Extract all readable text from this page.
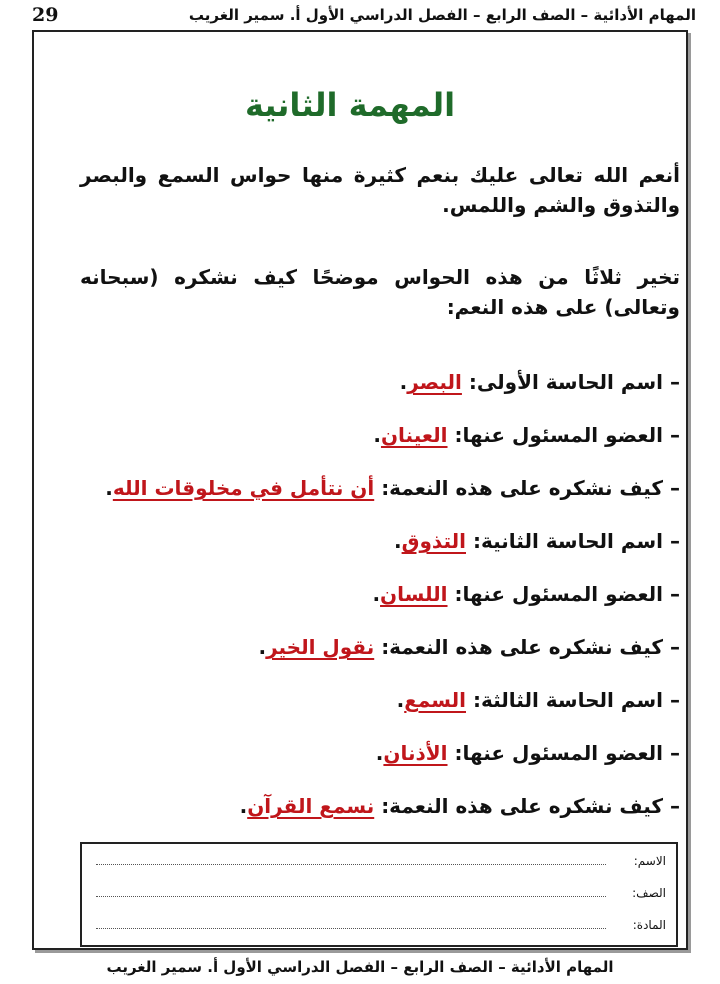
29	المهام الأدائية – الصف الرابع – الفصل الدراسي الأول أ. سمير الغريب
المهمة الثانية
أنعم الله تعالى عليك بنعم كثيرة منها حواس السمع والبصر والتذوق والشم واللمس.
تخير ثلاثًا من هذه الحواس موضحًا كيف نشكره (سبحانه وتعالى) على هذه النعم:
– اسم الحاسة الأولى: البصر.
– العضو المسئول عنها: العينان.
– كيف نشكره على هذه النعمة: أن نتأمل في مخلوقات الله.
– اسم الحاسة الثانية: التذوق.
– العضو المسئول عنها: اللسان.
– كيف نشكره على هذه النعمة: نقول الخير.
– اسم الحاسة الثالثة: السمع.
– العضو المسئول عنها: الأذنان.
– كيف نشكره على هذه النعمة: نسمع القرآن.
الاسم:
الصف:
المادة:
المهام الأدائية – الصف الرابع – الفصل الدراسي الأول أ. سمير الغريب
